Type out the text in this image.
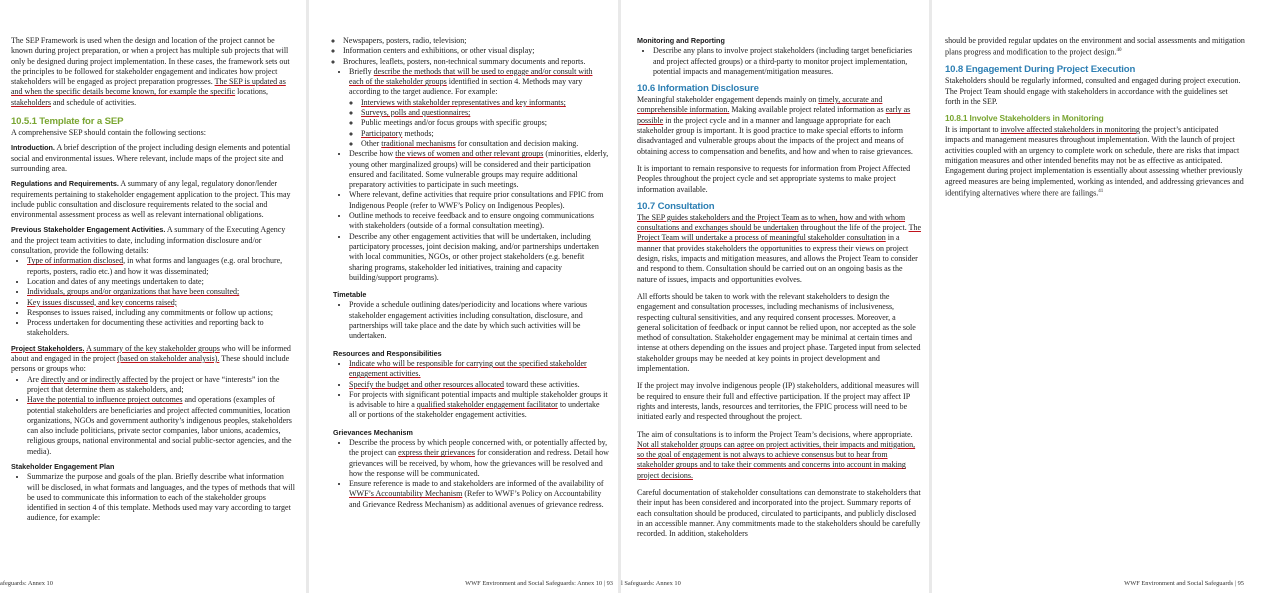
The SEP Framework is used when the design and location of the project cannot be known during project preparation, or when a project has multiple sub projects that will only be designed during project implementation. In these cases, the framework sets out the principles to be followed for stakeholder engagement and indicates how project stakeholders will be engaged as project preparation progresses. The SEP is updated as and when the specific details become known, for example the specific locations, stakeholders and schedule of activities.

10.5.1 Template for a SEP

A comprehensive SEP should contain the following sections:

Introduction. A brief description of the project including design elements and potential social and environmental issues. Where relevant, include maps of the project site and surrounding area.

Regulations and Requirements. A summary of any legal, regulatory donor/lender requirements pertaining to stakeholder engagement application to the project. This may include public consultation and disclosure requirements related to the social and environmental assessment process as well as relevant international obligations.

Previous Stakeholder Engagement Activities. A summary of the Executing Agency and the project team activities to date, including information disclosure and/or consultation, provide the following details:

• Type of information disclosed, in what forms and languages (e.g. oral brochure, reports, posters, radio etc.) and how it was disseminated;
• Location and dates of any meetings undertaken to date;
• Individuals, groups and/or organizations that have been consulted;
• Key issues discussed, and key concerns raised;
• Responses to issues raised, including any commitments or follow up actions;
• Process undertaken for documenting these activities and reporting back to stakeholders.

Project Stakeholders. A summary of the key stakeholder groups who will be informed about and engaged in the project (based on stakeholder analysis). These should include persons or groups who:

• Are directly and or indirectly affected by the project or have “interests” ion the project that determine them as stakeholders, and;
• Have the potential to influence project outcomes and operations (examples of potential stakeholders are beneficiaries and project affected communities, location organizations, NGOs and government authority’s indigenous peoples, stakeholders can also include politicians, private sector companies, labor unions, academics, religious groups, national environmental and social public-sector agencies, and the media).

Stakeholder Engagement Plan

• Summarize the purpose and goals of the plan. Briefly describe what information will be disclosed, in what formats and languages, and the types of methods that will be used to communicate this information to each of the stakeholder groups identified in section 4 of this template. Methods used may vary according to target audience, for example:
afeguards: Annex 10
◦ Newspapers, posters, radio, television;
◦ Information centers and exhibitions, or other visual display;
◦ Brochures, leaflets, posters, non-technical summary documents and reports.
• Briefly describe the methods that will be used to engage and/or consult with each of the stakeholder groups identified in section 4. Methods may vary according to the target audience. For example:
◦ Interviews with stakeholder representatives and key informants;
◦ Surveys, polls and questionnaires;
◦ Public meetings and/or focus groups with specific groups;
◦ Participatory methods;
◦ Other traditional mechanisms for consultation and decision making.
• Describe how the views of women and other relevant groups (minorities, elderly, young other marginalized groups) will be considered and their participation ensured and facilitated. Some vulnerable groups may require additional preparatory activities to participate in such meetings.
• Where relevant, define activities that require prior consultations and FPIC from Indigenous People (refer to WWF’s Policy on Indigenous Peoples).
• Outline methods to receive feedback and to ensure ongoing communications with stakeholders (outside of a formal consultation meeting).
• Describe any other engagement activities that will be undertaken, including participatory processes, joint decision making, and/or partnerships undertaken with local communities, NGOs, or other project stakeholders (e.g. benefit sharing programs, stakeholder led initiatives, training and capacity building/support programs).

Timetable

• Provide a schedule outlining dates/periodicity and locations where various stakeholder engagement activities including consultation, disclosure, and partnerships will take place and the date by which such activities will be undertaken.

Resources and Responsibilities

• Indicate who will be responsible for carrying out the specified stakeholder engagement activities.
• Specify the budget and other resources allocated toward these activities.
• For projects with significant potential impacts and multiple stakeholder groups it is advisable to hire a qualified stakeholder engagement facilitator to undertake all or portions of the stakeholder engagement activities.

Grievances Mechanism

• Describe the process by which people concerned with, or potentially affected by, the project can express their grievances for consideration and redress. Detail how grievances will be received, by whom, how the grievances will be resolved and how the response will be communicated.
• Ensure reference is made to and stakeholders are informed of the availability of WWF’s Accountability Mechanism (Refer to WWF’s Policy on Accountability and Grievance Redress Mechanism) as additional avenues of grievance redress.
WWF Environment and Social Safeguards: Annex 10 | 93

Monitoring and Reporting

• Describe any plans to involve project stakeholders (including target beneficiaries and project affected groups) or a third-party to monitor project implementation, potential impacts and management/mitigation measures.
10.6 Information Disclosure

Meaningful stakeholder engagement depends mainly on timely, accurate and comprehensible information. Making available project related information as early as possible in the project cycle and in a manner and language appropriate for each stakeholder group is important. It is good practice to make special efforts to inform disadvantaged and vulnerable groups about the impacts of the project and means of obtaining access to compensation and benefits, and how and when to raise grievances.

It is important to remain responsive to requests for information from Project Affected Peoples throughout the project cycle and set appropriate systems to make project information available.

10.7 Consultation

The SEP guides stakeholders and the Project Team as to when, how and with whom consultations and exchanges should be undertaken throughout the life of the project. The Project Team will undertake a process of meaningful stakeholder consultation in a manner that provides stakeholders the opportunities to express their views on project design, risks, impacts and mitigation measures, and allows the Project Team to consider and respond to them. Consultation should be carried out on an ongoing basis as the nature of issues, impacts and opportunities evolves.

All efforts should be taken to work with the relevant stakeholders to design the engagement and consultation processes, including mechanisms of inclusiveness, respecting cultural sensitivities, and any required consent processes. Moreover, a general solicitation of feedback or input cannot be relied upon, nor accepted as the sole method of consultation. Stakeholder engagement may be minimal at certain times and intense at others depending on the issues and project phase. Targeted input from selected stakeholder groups may be needed at key points in project development and implementation.

If the project may involve indigenous people (IP) stakeholders, additional measures will be required to ensure their full and effective participation. If the project may affect IP rights and interests, lands, resources and territories, the FPIC process will need to be initiated early and respected throughout the project.

The aim of consultations is to inform the Project Team’s decisions, where appropriate. Not all stakeholder groups can agree on project activities, their impacts and mitigation, so the goal of engagement is not always to achieve consensus but to hear from stakeholder groups and to take their comments and concerns into account in making project decisions.

Careful documentation of stakeholder consultations can demonstrate to stakeholders that their input has been considered and incorporated into the project. Summary reports of each consultation should be produced, circulated to participants, and publicly disclosed in an accessible manner. Any commitments made to the stakeholders should be carefully recorded. In addition, stakeholders

l Safeguards: Annex 10

should be provided regular updates on the environment and social assessments and mitigation plans progress and modification to the project design.$^{40}$

10.8 Engagement During Project Execution

Stakeholders should be regularly informed, consulted and engaged during project execution. The Project Team should engage with stakeholders in accordance with the guidelines set forth in the SEP.

10.8.1 Involve Stakeholders in Monitoring

It is important to involve affected stakeholders in monitoring the project’s anticipated impacts and management measures throughout implementation. With the launch of project activities coupled with an urgency to complete work on schedule, there are risks that impact mitigation measures and other intended benefits may not be as effective as anticipated. Engagement during project implementation is essentially about assessing whether previously agreed measures are being implemented, working as intended, and addressing grievances and identifying alternatives where there are failings.$^{41}$

WWF Environment and Social Safeguards | 95
